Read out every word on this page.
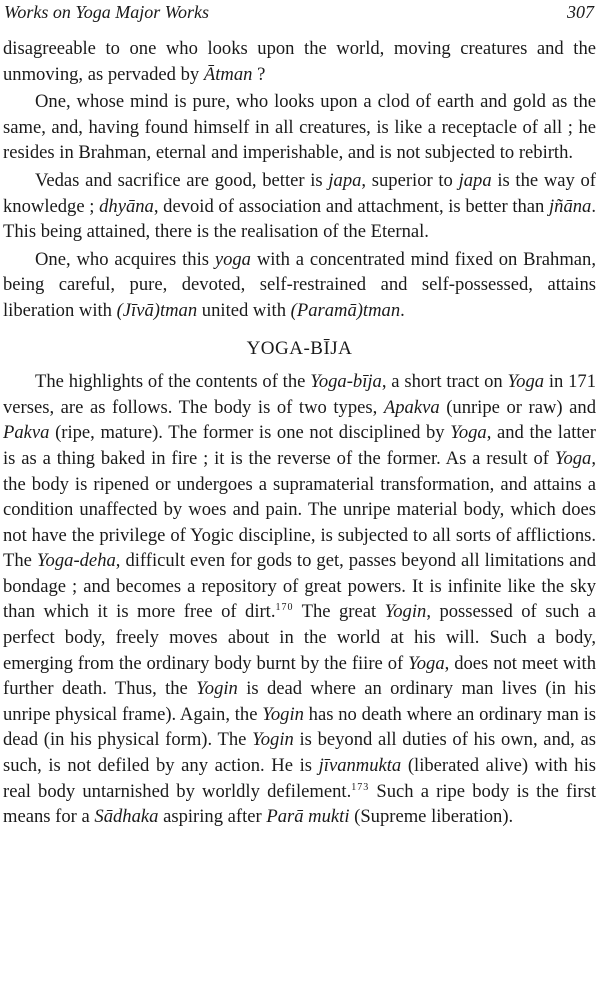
Works on Yoga Major Works	307

disagreeable to one who looks upon the world, moving creatures and the unmoving, as pervaded by Ātman ?

One, whose mind is pure, who looks upon a clod of earth and gold as the same, and, having found himself in all creatures, is like a receptacle of all ; he resides in Brahman, eternal and imperishable, and is not subjected to rebirth.

Vedas and sacrifice are good, better is japa, superior to japa is the way of knowledge ; dhyāna, devoid of association and attachment, is better than jñāna. This being attained, there is the realisation of the Eternal.

One, who acquires this yoga with a concentrated mind fixed on Brahman, being careful, pure, devoted, self-restrained and self-possessed, attains liberation with (Jīvā)tman united with (Paramā)tman.

YOGA-BĪJA

The highlights of the contents of the Yoga-bīja, a short tract on Yoga in 171 verses, are as follows. The body is of two types, Apakva (unripe or raw) and Pakva (ripe, mature). The former is one not disciplined by Yoga, and the latter is as a thing baked in fire ; it is the reverse of the former. As a result of Yoga, the body is ripened or undergoes a supramaterial transformation, and attains a condition unaffected by woes and pain. The unripe material body, which does not have the privilege of Yogic discipline, is subjected to all sorts of afflictions. The Yoga-deha, difficult even for gods to get, passes beyond all limitations and bondage ; and becomes a repository of great powers. It is infinite like the sky than which it is more free of dirt.$^{170}$ The great Yogin, possessed of such a perfect body, freely moves about in the world at his will. Such a body, emerging from the ordinary body burnt by the fiire of Yoga, does not meet with further death. Thus, the Yogin is dead where an ordinary man lives (in his unripe physical frame). Again, the Yogin has no death where an ordinary man is dead (in his physical form). The Yogin is beyond all duties of his own, and, as such, is not defiled by any action. He is jīvanmukta (liberated alive) with his real body untarnished by worldly defilement.$^{173}$ Such a ripe body is the first means for a Sādhaka aspiring after Parā mukti (Supreme liberation).
